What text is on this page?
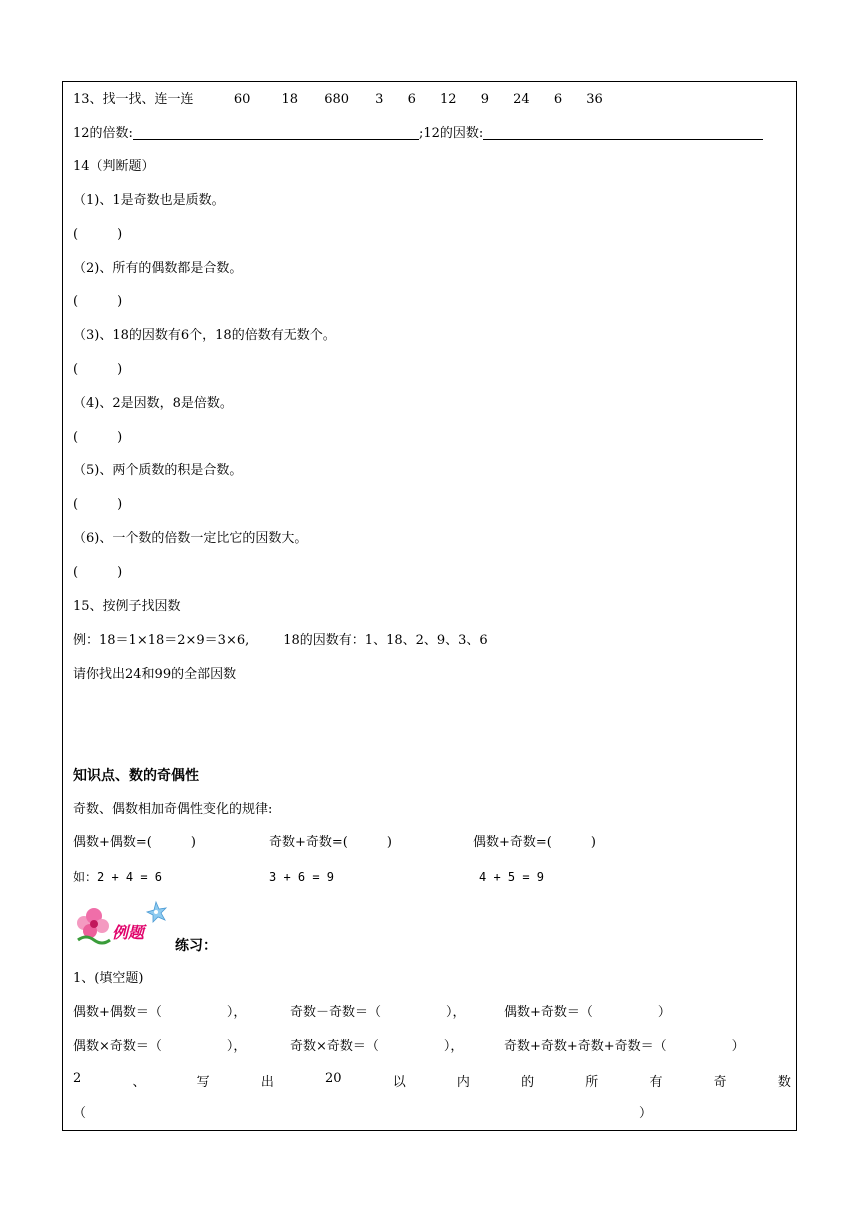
13、找一找、连一连	60 18 680 3 6 12 9 24 6 36
12的倍数:	;12的因数:
14（判断题）
（1)、1是奇数也是质数。
(　　　)
（2)、所有的偶数都是合数。
(　　　)
（3)、18的因数有6个，18的倍数有无数个。
(　　　)
（4)、2是因数，8是倍数。
(　　　)
（5)、两个质数的积是合数。
(　　　)
（6)、一个数的倍数一定比它的因数大。
(　　　)
15、按例子找因数
例：18＝1×18＝2×9＝3×6,	18的因数有：1、18、2、9、3、6
请你找出24和99的全部因数
知识点、数的奇偶性
奇数、偶数相加奇偶性变化的规律:
偶数+偶数=(　　　)	奇数+奇数=(　　　)	偶数+奇数=(　　　)
如：2 + 4 = 6	3 + 6 = 9	4 + 5 = 9
例题
练习：
1、(填空题)
偶数+偶数＝（　　　　　），	奇数－奇数＝（　　　　　），	偶数+奇数＝（　　　　　）
偶数×奇数＝（　　　　　），	奇数×奇数＝（　　　　　），	奇数+奇数+奇数+奇数＝（　　　　　）
2	、	写	出	20	以	内	的	所	有	奇	数
（	）
